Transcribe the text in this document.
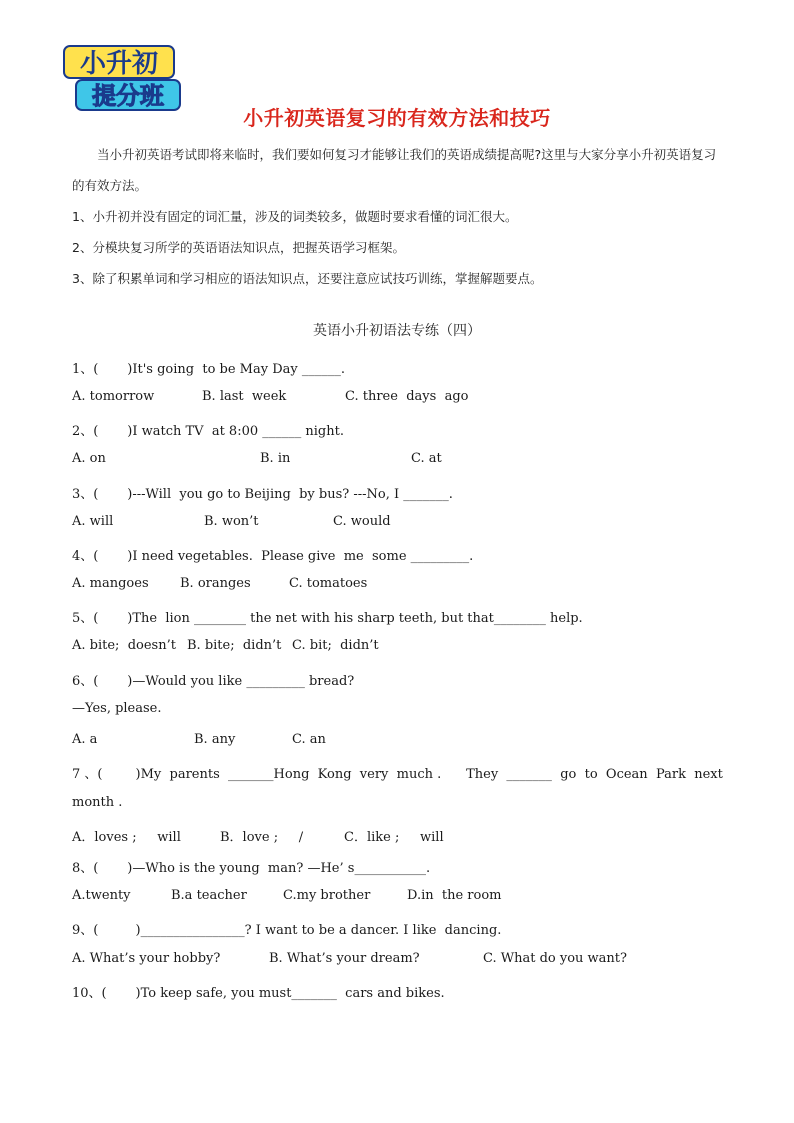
小升初
提分班
小升初英语复习的有效方法和技巧

当小升初英语考试即将来临时，我们要如何复习才能够让我们的英语成绩提高呢?这里与大家分享小升初英语复习的有效方法。

1、小升初并没有固定的词汇量，涉及的词类较多，做题时要求看懂的词汇很大。

2、分模块复习所学的英语语法知识点，把握英语学习框架。

3、除了积累单词和学习相应的语法知识点，还要注意应试技巧训练，掌握解题要点。

英语小升初语法专练（四）
1、(       )It's going  to be May Day ______.
A. tomorrow	B. last  week	C. three  days  ago
2、(       )I watch TV  at 8:00 ______ night.
A. on	B. in	C. at
3、(       )---Will  you go to Beijing  by bus? ---No, I _______.
A. will	B. won’t	C. would
4、(       )I need vegetables.  Please give  me  some _________.
A. mangoes B. oranges	C. tomatoes
5、(       )The  lion ________ the net with his sharp teeth, but that________ help.
A. bite;  doesn’t B. bite;  didn’t C. bit;  didn’t
6、(       )—Would you like _________ bread?
—Yes, please.
A. a	B. any	C. an
7 、(        )My  parents  _______Hong  Kong  very  much .      They  _______  go  to  Ocean  Park  next
month .
A．loves ;     will	B．love ;     /	C．like ;     will
8、(       )—Who is the young  man? —He’ s___________.
A.twenty	B.a teacher	C.my brother	D.in  the room
9、(         )________________? I want to be a dancer. I like  dancing.
A. What’s your hobby?	B. What’s your dream?	C. What do you want?
10、(       )To keep safe, you must_______  cars and bikes.
